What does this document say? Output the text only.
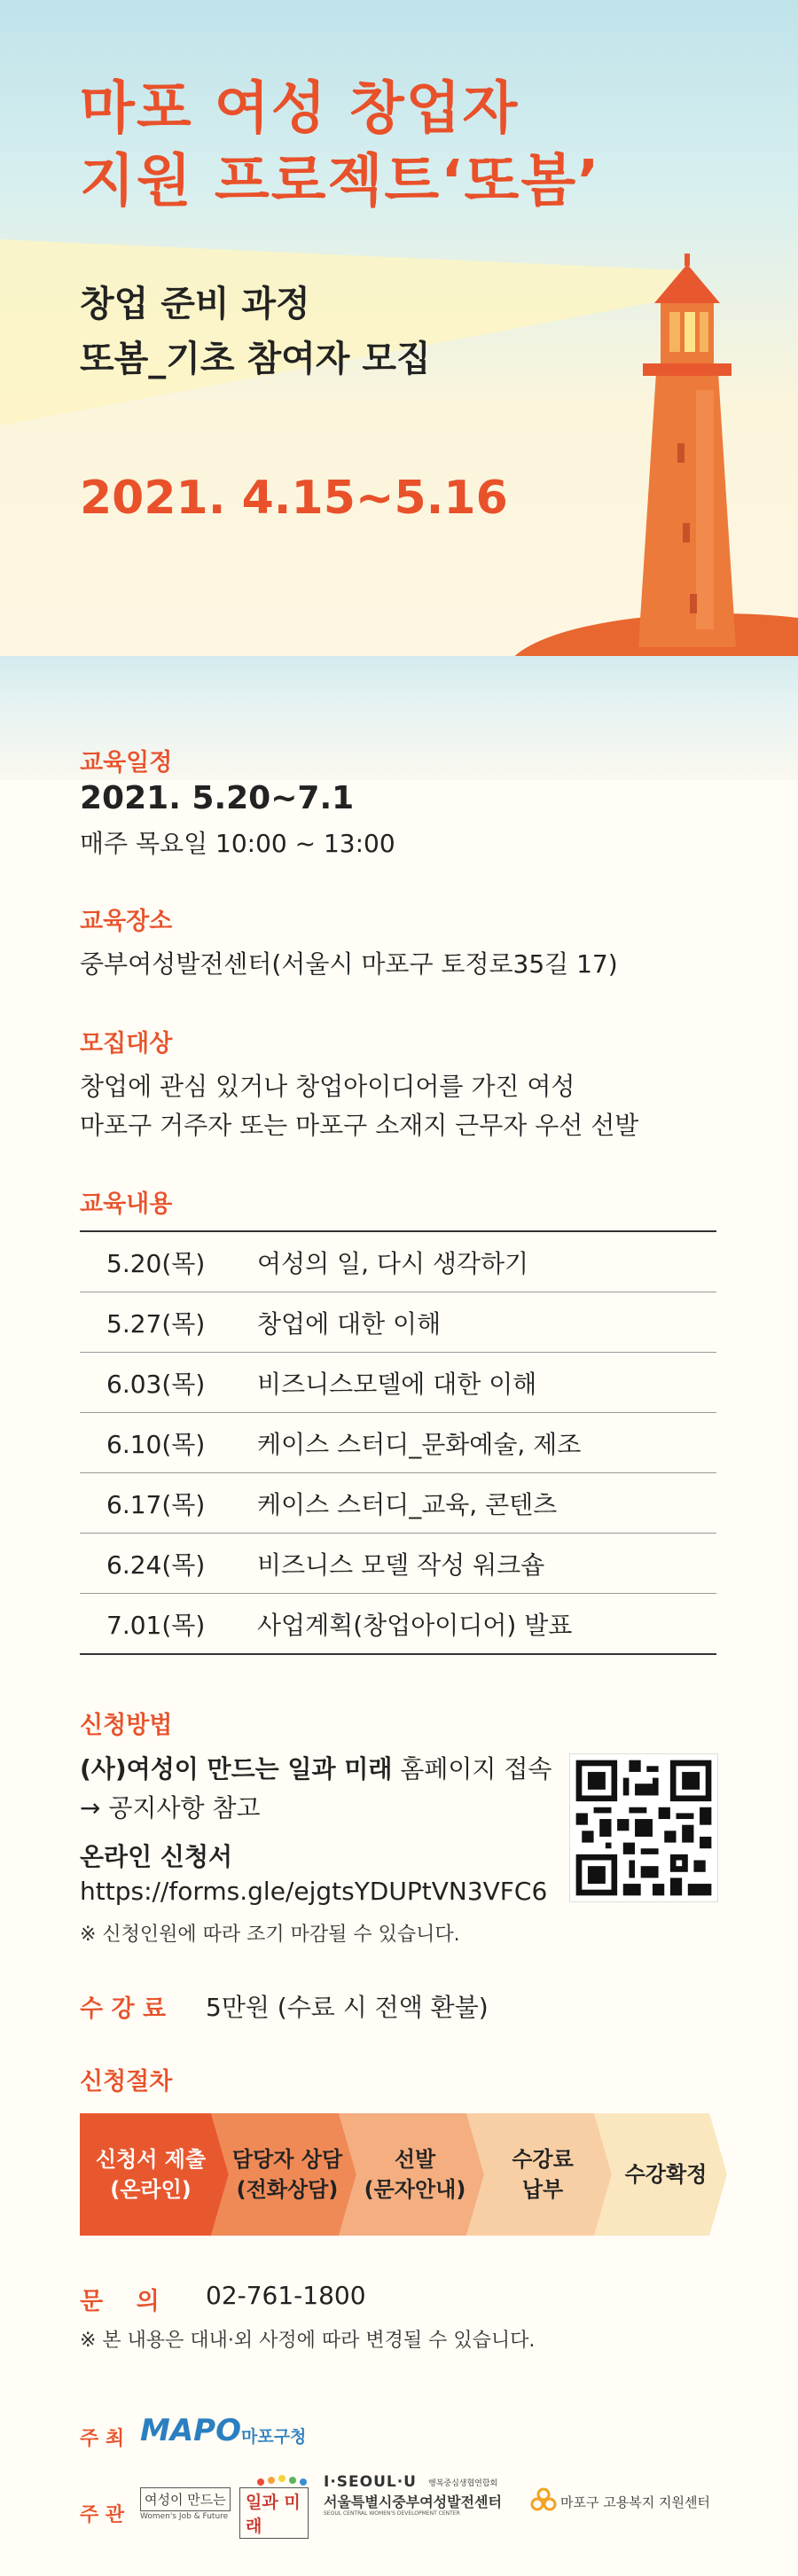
마포 여성 창업자
지원 프로젝트‘또봄’
창업 준비 과정
또봄_기초 참여자 모집
2021. 4.15~5.16
교육일정
2021. 5.20~7.1
매주 목요일 10:00 ~ 13:00
교육장소
중부여성발전센터(서울시 마포구 토정로35길 17)
모집대상
창업에 관심 있거나 창업아이디어를 가진 여성
마포구 거주자 또는 마포구 소재지 근무자 우선 선발
교육내용
5.20(목)	여성의 일, 다시 생각하기
5.27(목)	창업에 대한 이해
6.03(목)	비즈니스모델에 대한 이해
6.10(목)	케이스 스터디_문화예술, 제조
6.17(목)	케이스 스터디_교육, 콘텐츠
6.24(목)	비즈니스 모델 작성 워크숍
7.01(목)	사업계획(창업아이디어) 발표
신청방법
(사)여성이 만드는 일과 미래 홈페이지 접속
→ 공지사항 참고
온라인 신청서
https://forms.gle/ejgtsYDUPtVN3VFC6
※ 신청인원에 따라 조기 마감될 수 있습니다.
수 강 료 5만원 (수료 시 전액 환불)
신청절차
신청서 제출
(온라인)
담당자 상담
(전화상담)
선발
(문자안내)
수강료
납부
수강확정
문    의 02-761-1800
※ 본 내용은 대내·외 사정에 따라 변경될 수 있습니다.
주 최 MAPO 마포구청
주 관
여성이 만드는
Women's Job & Future
일과 미래
I·SEOUL·U 행복중심생협연합회
서울특별시중부여성발전센터
SEOUL CENTRAL WOMEN'S DEVELOPMENT CENTER
마포구 고용복지 지원센터
